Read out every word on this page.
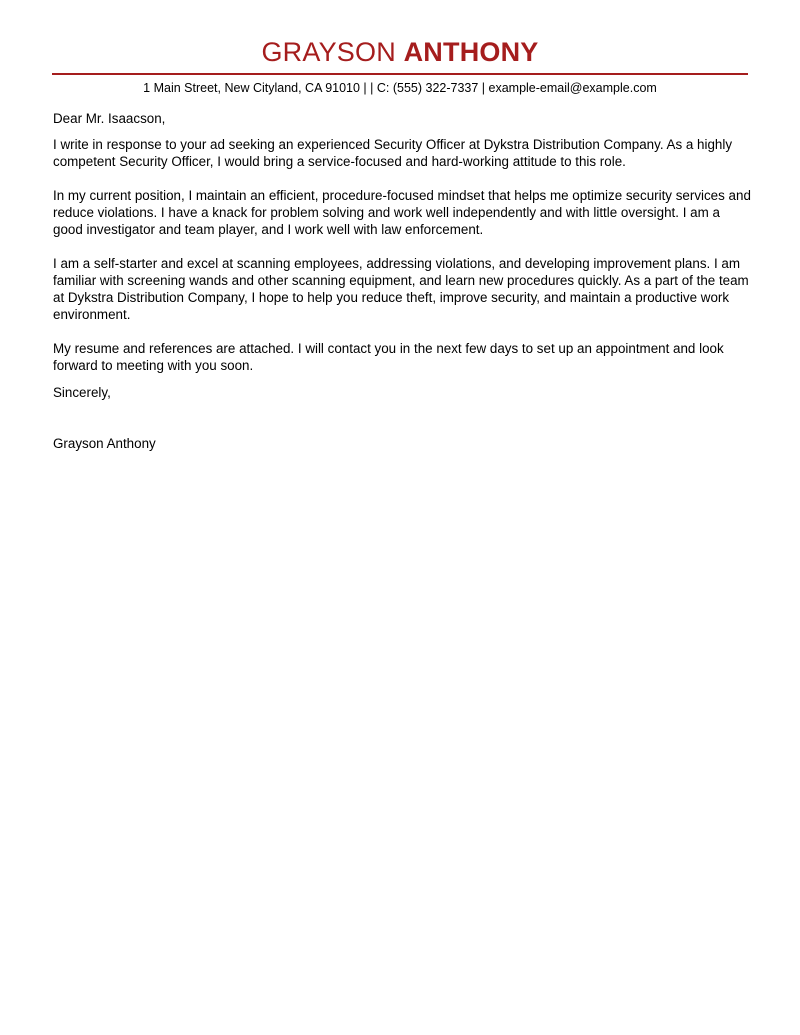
GRAYSON ANTHONY
1 Main Street, New Cityland, CA 91010 | | C: (555) 322-7337 | example-email@example.com

Dear Mr. Isaacson,

I write in response to your ad seeking an experienced Security Officer at Dykstra Distribution Company. As a highly competent Security Officer, I would bring a service-focused and hard-working attitude to this role.

In my current position, I maintain an efficient, procedure-focused mindset that helps me optimize security services and reduce violations. I have a knack for problem solving and work well independently and with little oversight. I am a good investigator and team player, and I work well with law enforcement.

I am a self-starter and excel at scanning employees, addressing violations, and developing improvement plans. I am familiar with screening wands and other scanning equipment, and learn new procedures quickly. As a part of the team at Dykstra Distribution Company, I hope to help you reduce theft, improve security, and maintain a productive work environment.

My resume and references are attached. I will contact you in the next few days to set up an appointment and look forward to meeting with you soon.

Sincerely,

Grayson Anthony
